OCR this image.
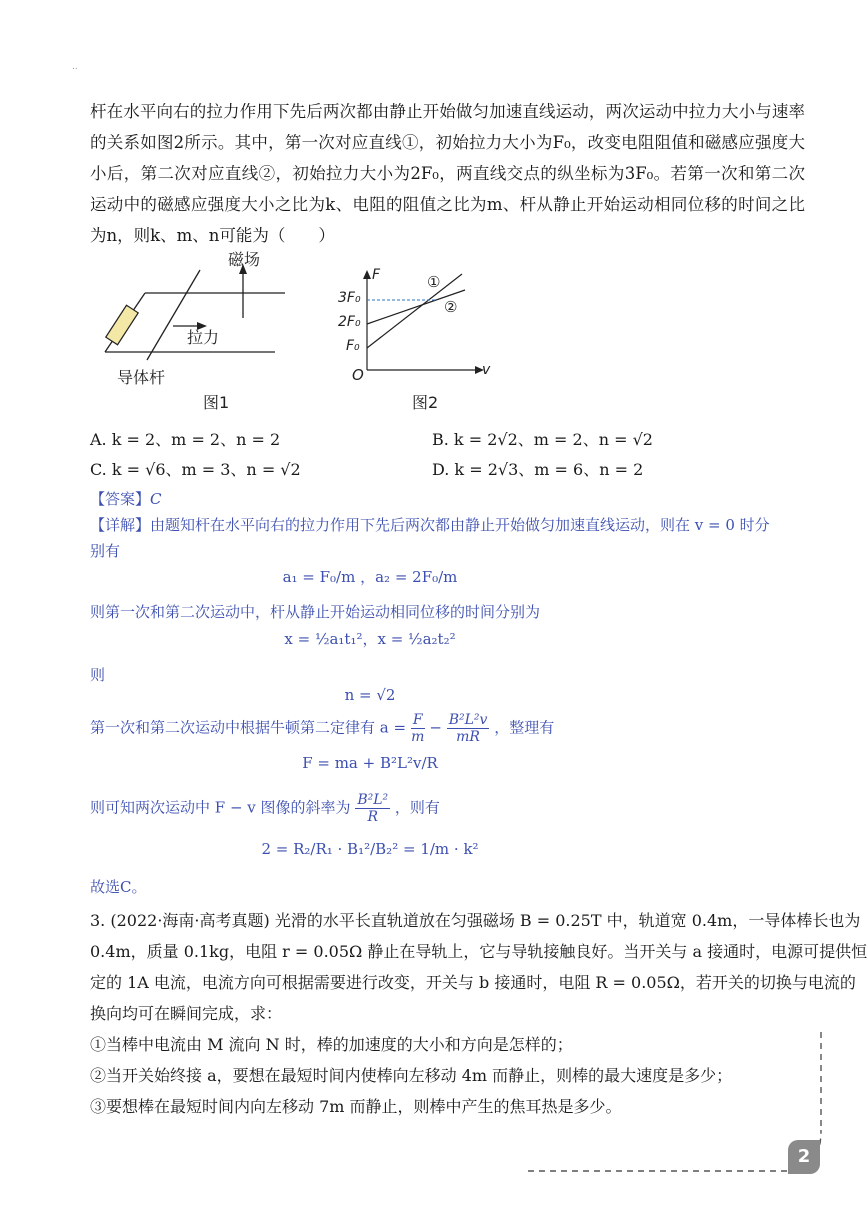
..
杆在水平向右的拉力作用下先后两次都由静止开始做匀加速直线运动，两次运动中拉力大小与速率的关系如图2所示。其中，第一次对应直线①，初始拉力大小为F₀，改变电阻阻值和磁感应强度大小后，第二次对应直线②，初始拉力大小为2F₀，两直线交点的纵坐标为3F₀。若第一次和第二次运动中的磁感应强度大小之比为k、电阻的阻值之比为m、杆从静止开始运动相同位移的时间之比为n，则k、m、n可能为（　　）
磁场
拉力
导体杆
图1
F
v
O
3F₀
2F₀
F₀
①
②
图2
A. k = 2、m = 2、n = 2	B. k = 2√2、m = 2、n = √2
C. k = √6、m = 3、n = √2	D. k = 2√3、m = 6、n = 2
【答案】C
【详解】由题知杆在水平向右的拉力作用下先后两次都由静止开始做匀加速直线运动，则在 v = 0 时分
别有
a₁ = F₀/m ，a₂ = 2F₀/m
则第一次和第二次运动中，杆从静止开始运动相同位移的时间分别为
x = ½a₁t₁²，x = ½a₂t₂²
则
n = √2
第一次和第二次运动中根据牛顿第二定律有 $a = \frac{F}{m} - \frac{\text{B²L²v}}{mR}$ ，整理有
F = ma + B²L²v/R
则可知两次运动中 F − v 图像的斜率为 $\frac{\text{B²L²}}{R}$ ，则有
2 = R₂/R₁ · B₁²/B₂² = 1/m · k²
故选C。
3. (2022·海南·高考真题) 光滑的水平长直轨道放在匀强磁场 B = 0.25T 中，轨道宽 0.4m，一导体棒长也为
0.4m，质量 0.1kg，电阻 r = 0.05Ω 静止在导轨上，它与导轨接触良好。当开关与 a 接通时，电源可提供恒
定的 1A 电流，电流方向可根据需要进行改变，开关与 b 接通时，电阻 R = 0.05Ω，若开关的切换与电流的
换向均可在瞬间完成，求：
①当棒中电流由 M 流向 N 时，棒的加速度的大小和方向是怎样的；
②当开关始终接 a，要想在最短时间内使棒向左移动 4m 而静止，则棒的最大速度是多少；
③要想棒在最短时间内向左移动 7m 而静止，则棒中产生的焦耳热是多少。
2
